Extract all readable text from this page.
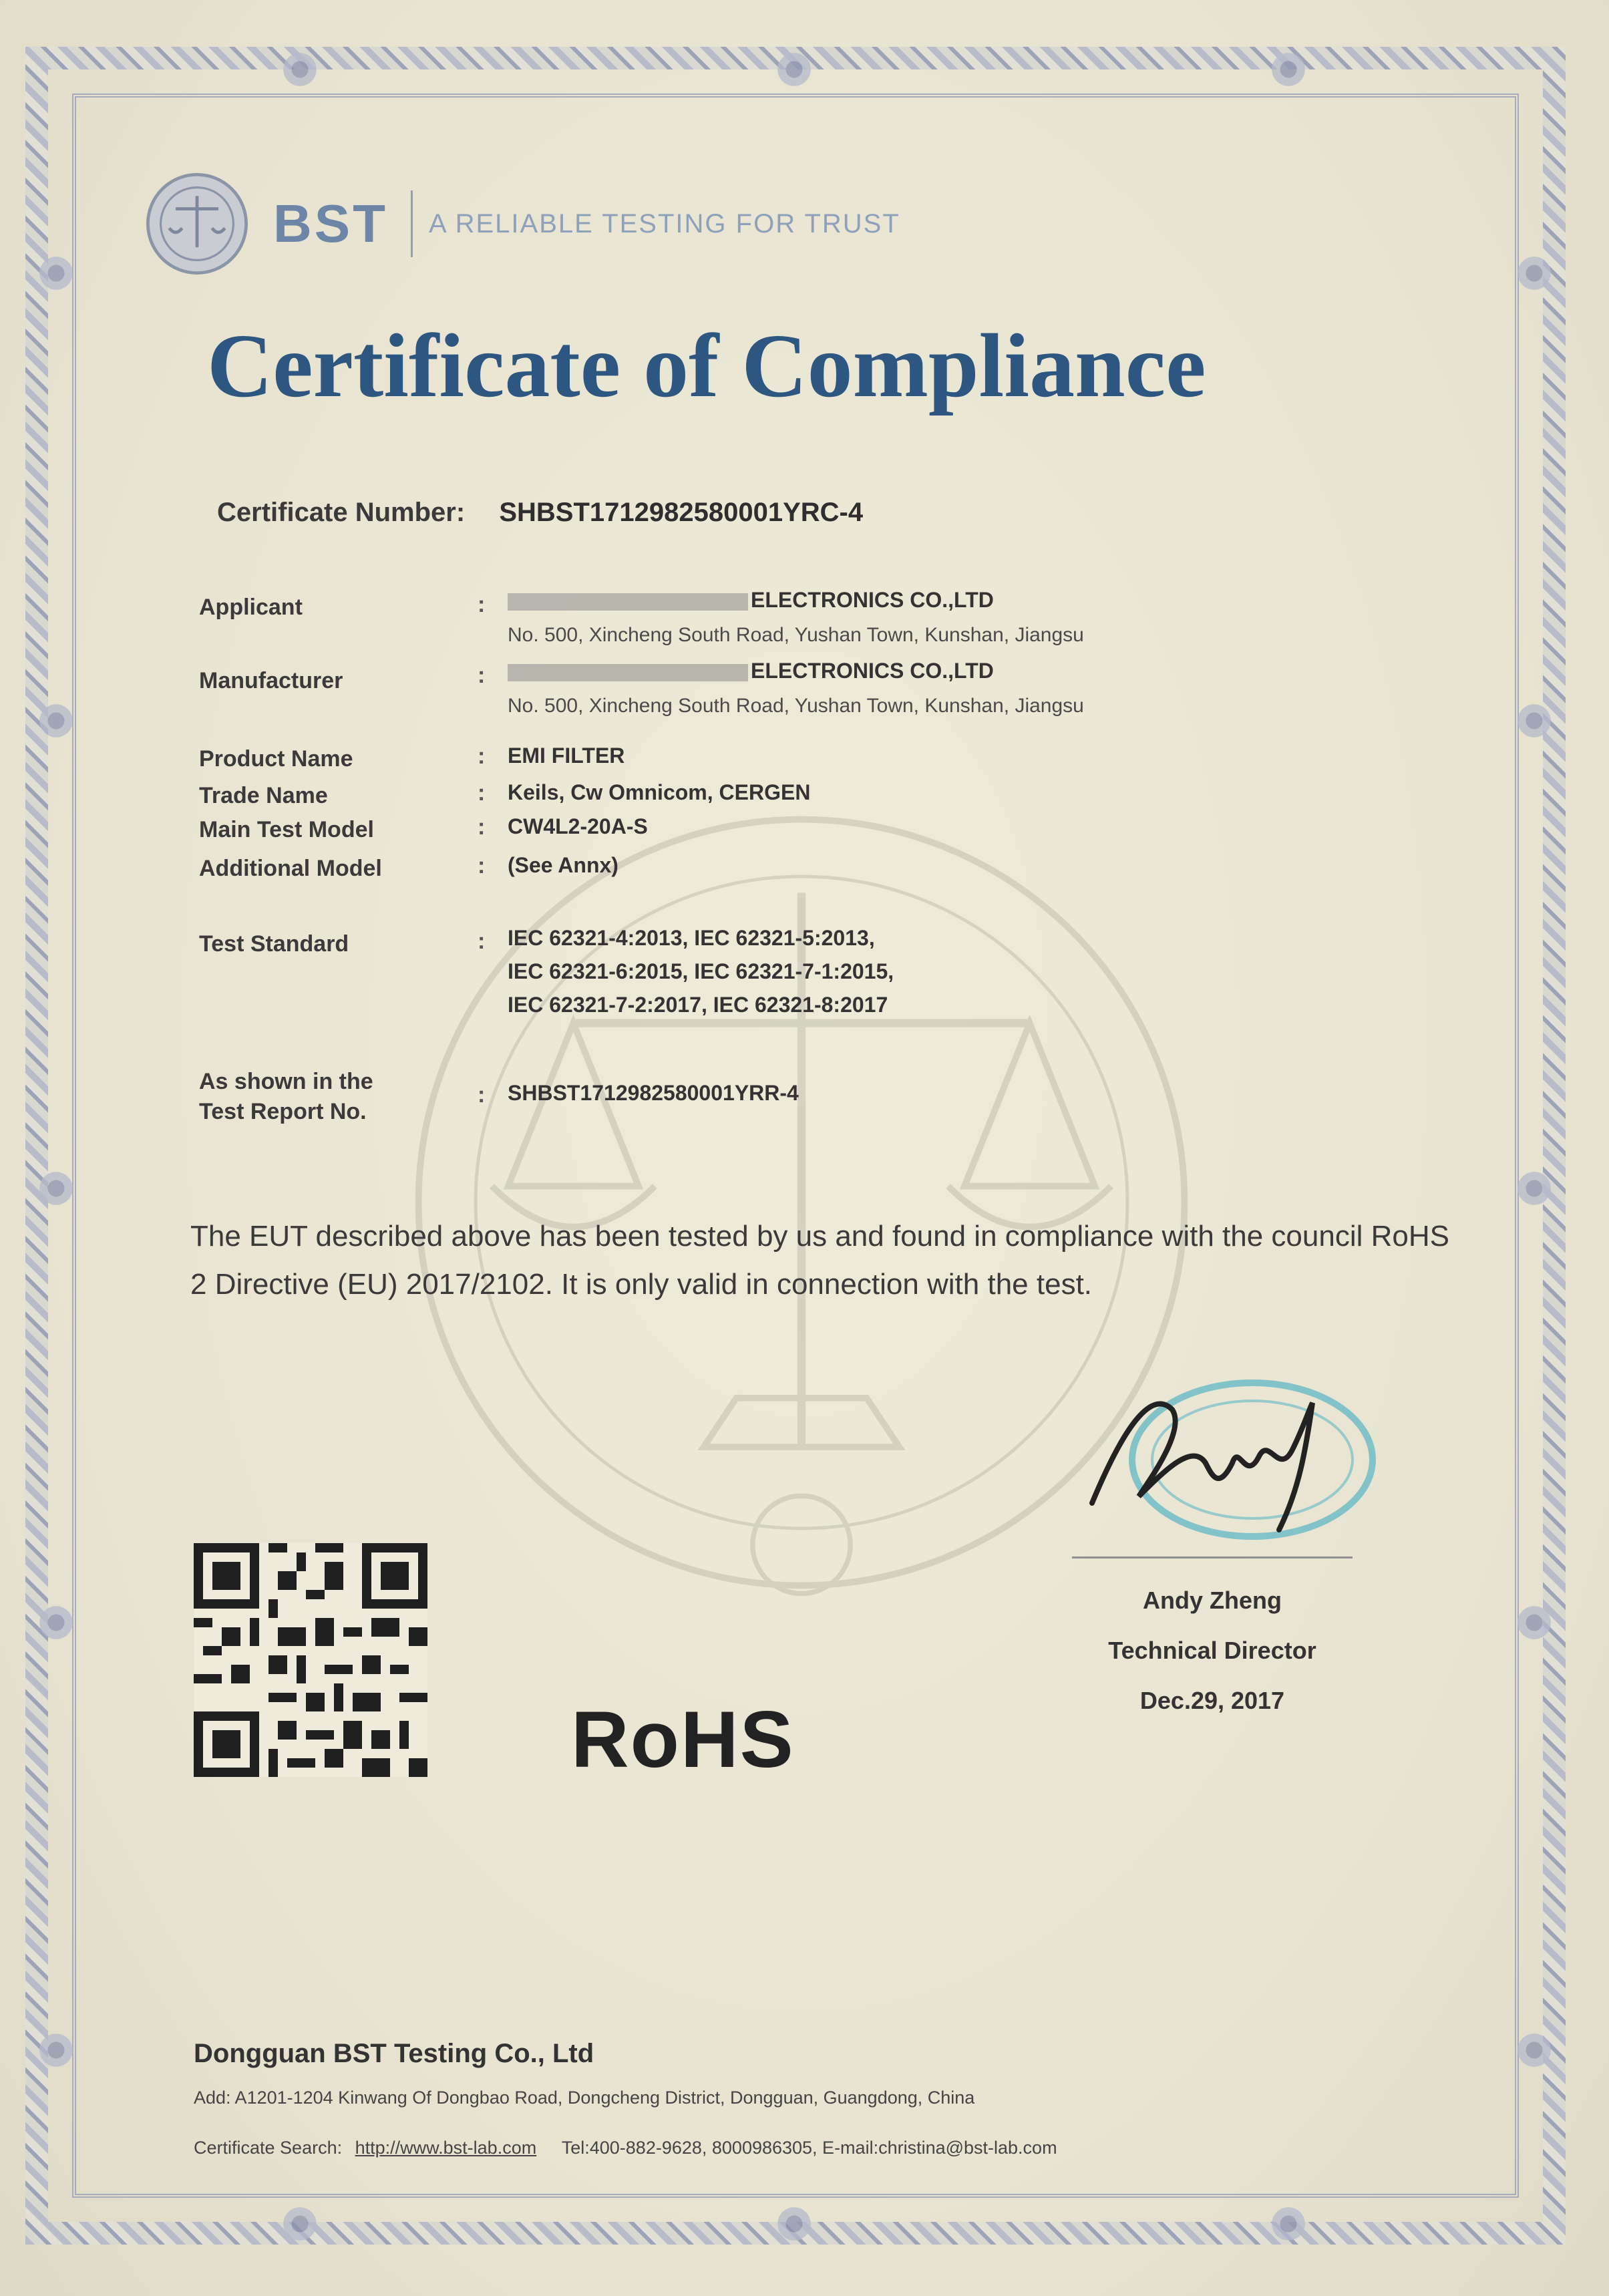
BST A RELIABLE TESTING FOR TRUST
Certificate of Compliance
Certificate Number: SHBST1712982580001YRC-4
Applicant	:	ELECTRONICS CO.,LTD
No. 500, Xincheng South Road, Yushan Town, Kunshan, Jiangsu
Manufacturer	:	ELECTRONICS CO.,LTD
No. 500, Xincheng South Road, Yushan Town, Kunshan, Jiangsu
Product Name	: EMI FILTER
Trade Name	: Keils, Cw Omnicom, CERGEN
Main Test Model	: CW4L2-20A-S
Additional Model	: (See Annx)
Test Standard	: IEC 62321-4:2013, IEC 62321-5:2013,
IEC 62321-6:2015, IEC 62321-7-1:2015,
IEC 62321-7-2:2017, IEC 62321-8:2017
As shown in the
Test Report No.
: SHBST1712982580001YRR-4
The EUT described above has been tested by us and found in compliance with the council RoHS 2 Directive (EU) 2017/2102. It is only valid in connection with the test.
Andy Zheng
Technical Director
Dec.29, 2017
RoHS
Dongguan BST Testing Co., Ltd
Add: A1201-1204 Kinwang Of Dongbao Road, Dongcheng District, Dongguan, Guangdong, China
Certificate Search: http://www.bst-lab.com Tel:400-882-9628, 8000986305, E-mail:christina@bst-lab.com
